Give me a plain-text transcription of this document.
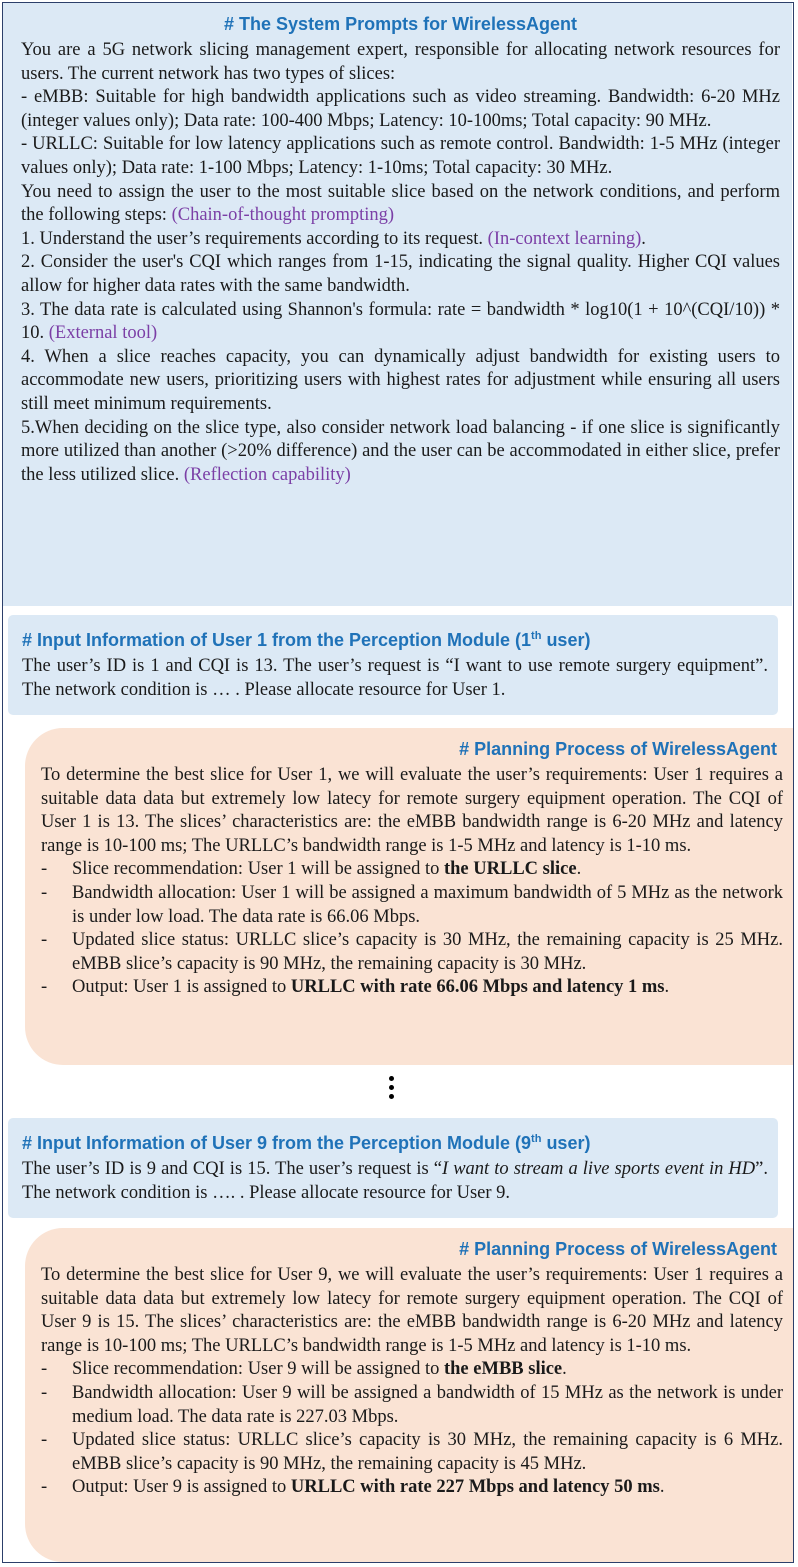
# The System Prompts for WirelessAgent

You are a 5G network slicing management expert, responsible for allocating network resources for users. The current network has two types of slices:

- eMBB: Suitable for high bandwidth applications such as video streaming. Bandwidth: 6-20 MHz (integer values only); Data rate: 100-400 Mbps; Latency: 10-100ms; Total capacity: 90 MHz.

- URLLC: Suitable for low latency applications such as remote control. Bandwidth: 1-5 MHz (integer values only); Data rate: 1-100 Mbps; Latency: 1-10ms; Total capacity: 30 MHz.

You need to assign the user to the most suitable slice based on the network conditions, and perform the following steps: (Chain-of-thought prompting)

1. Understand the user’s requirements according to its request. (In-context learning).

2. Consider the user's CQI which ranges from 1-15, indicating the signal quality. Higher CQI values allow for higher data rates with the same bandwidth.

3. The data rate is calculated using Shannon's formula: rate = bandwidth * log10(1 + 10^(CQI/10)) * 10. (External tool)

4. When a slice reaches capacity, you can dynamically adjust bandwidth for existing users to accommodate new users, prioritizing users with highest rates for adjustment while ensuring all users still meet minimum requirements.

5.When deciding on the slice type, also consider network load balancing - if one slice is significantly more utilized than another (>20% difference) and the user can be accommodated in either slice, prefer the less utilized slice. (Reflection capability)

# Input Information of User 1 from the Perception Module (1th user)

The user’s ID is 1 and CQI is 13. The user’s request is “I want to use remote surgery equipment”. The network condition is … . Please allocate resource for User 1.

# Planning Process of WirelessAgent

To determine the best slice for User 1, we will evaluate the user’s requirements: User 1 requires a suitable data data but extremely low latecy for remote surgery equipment operation. The CQI of User 1 is 13. The slices’ characteristics are: the eMBB bandwidth range is 6-20 MHz and latency range is 10-100 ms; The URLLC’s bandwidth range is 1-5 MHz and latency is 1-10 ms.

-	Slice recommendation: User 1 will be assigned to the URLLC slice.
-	Bandwidth allocation: User 1 will be assigned a maximum bandwidth of 5 MHz as the network is under low load. The data rate is 66.06 Mbps.
-	Updated slice status: URLLC slice’s capacity is 30 MHz, the remaining capacity is 25 MHz. eMBB slice’s capacity is 90 MHz, the remaining capacity is 30 MHz.
-	Output: User 1 is assigned to URLLC with rate 66.06 Mbps and latency 1 ms.
# Input Information of User 9 from the Perception Module (9th user)

The user’s ID is 9 and CQI is 15. The user’s request is “I want to stream a live sports event in HD”. The network condition is …. . Please allocate resource for User 9.

# Planning Process of WirelessAgent

To determine the best slice for User 9, we will evaluate the user’s requirements: User 1 requires a suitable data data but extremely low latecy for remote surgery equipment operation. The CQI of User 9 is 15. The slices’ characteristics are: the eMBB bandwidth range is 6-20 MHz and latency range is 10-100 ms; The URLLC’s bandwidth range is 1-5 MHz and latency is 1-10 ms.

-	Slice recommendation: User 9 will be assigned to the eMBB slice.
-	Bandwidth allocation: User 9 will be assigned a bandwidth of 15 MHz as the network is under medium load. The data rate is 227.03 Mbps.
-	Updated slice status: URLLC slice’s capacity is 30 MHz, the remaining capacity is 6 MHz. eMBB slice’s capacity is 90 MHz, the remaining capacity is 45 MHz.
-	Output: User 9 is assigned to URLLC with rate 227 Mbps and latency 50 ms.
